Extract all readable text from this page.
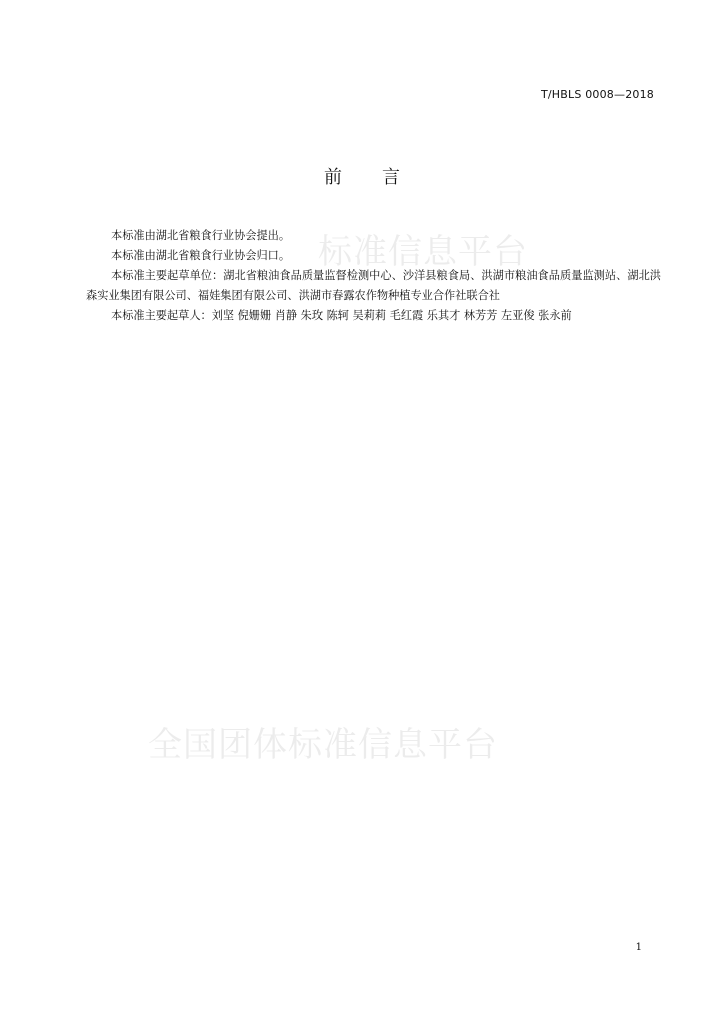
标准信息平台
全国团体标准信息平台
T/HBLS 0008—2018
前 言

本标准由湖北省粮食行业协会提出。

本标准由湖北省粮食行业协会归口。

本标准主要起草单位：湖北省粮油食品质量监督检测中心、沙洋县粮食局、洪湖市粮油食品质量监测站、湖北洪森实业集团有限公司、福娃集团有限公司、洪湖市春露农作物种植专业合作社联合社

本标准主要起草人：刘坚 倪姗姗 肖静 朱玫 陈轲 吴莉莉 毛红霞 乐其才 林芳芳 左亚俊 张永前

1
